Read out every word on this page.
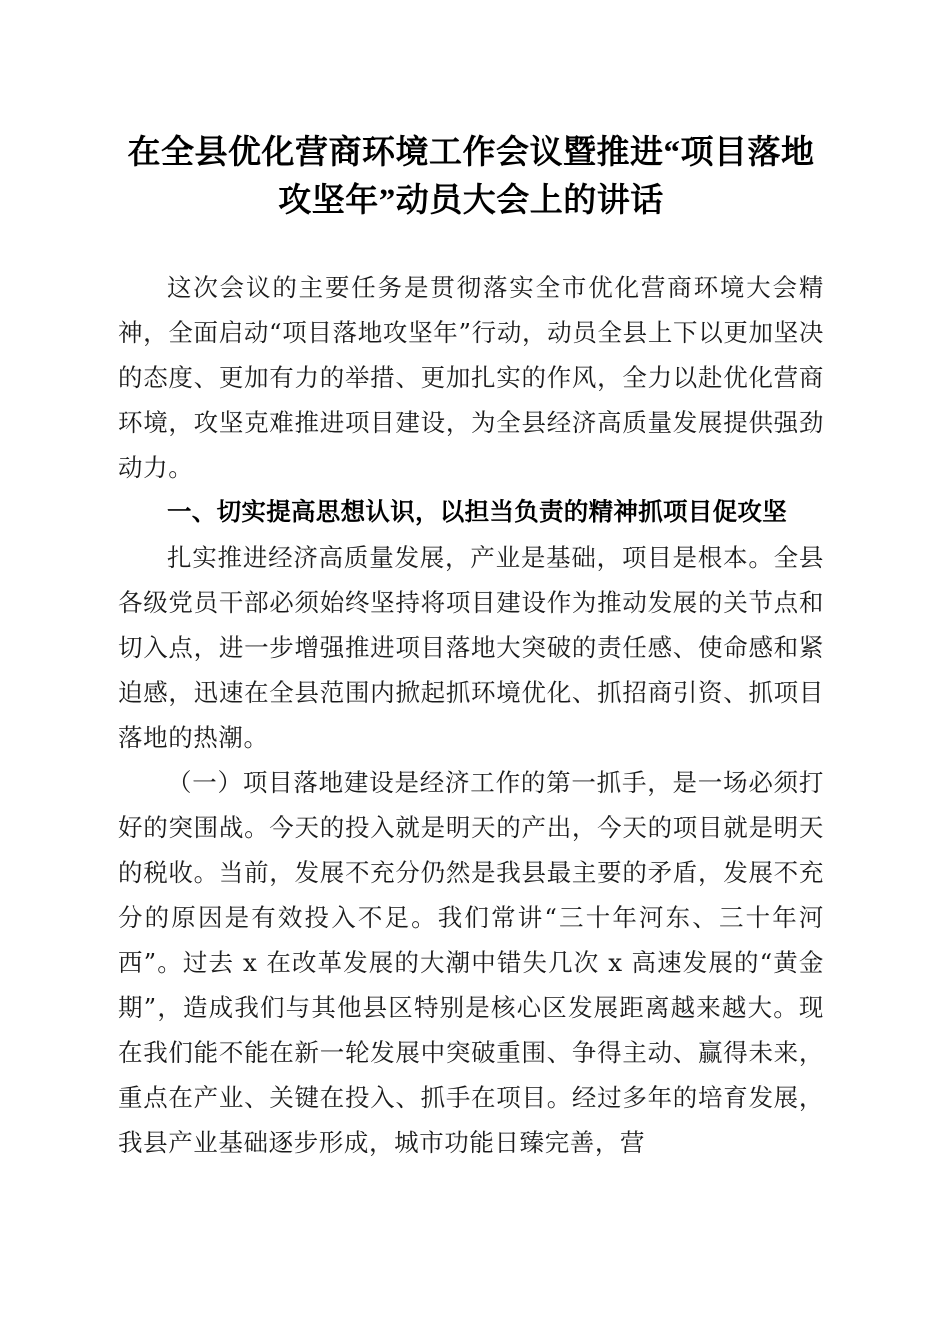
在全县优化营商环境工作会议暨推进“项目落地攻坚年”动员大会上的讲话

这次会议的主要任务是贯彻落实全市优化营商环境大会精神，全面启动“项目落地攻坚年”行动，动员全县上下以更加坚决的态度、更加有力的举措、更加扎实的作风，全力以赴优化营商环境，攻坚克难推进项目建设，为全县经济高质量发展提供强劲动力。

一、切实提高思想认识，以担当负责的精神抓项目促攻坚

扎实推进经济高质量发展，产业是基础，项目是根本。全县各级党员干部必须始终坚持将项目建设作为推动发展的关节点和切入点，进一步增强推进项目落地大突破的责任感、使命感和紧迫感，迅速在全县范围内掀起抓环境优化、抓招商引资、抓项目落地的热潮。

（一）项目落地建设是经济工作的第一抓手，是一场必须打好的突围战。今天的投入就是明天的产出，今天的项目就是明天的税收。当前，发展不充分仍然是我县最主要的矛盾，发展不充分的原因是有效投入不足。我们常讲“三十年河东、三十年河西”。过去 x 在改革发展的大潮中错失几次 x 高速发展的“黄金期”，造成我们与其他县区特别是核心区发展距离越来越大。现在我们能不能在新一轮发展中突破重围、争得主动、赢得未来，重点在产业、关键在投入、抓手在项目。经过多年的培育发展，我县产业基础逐步形成，城市功能日臻完善，营
